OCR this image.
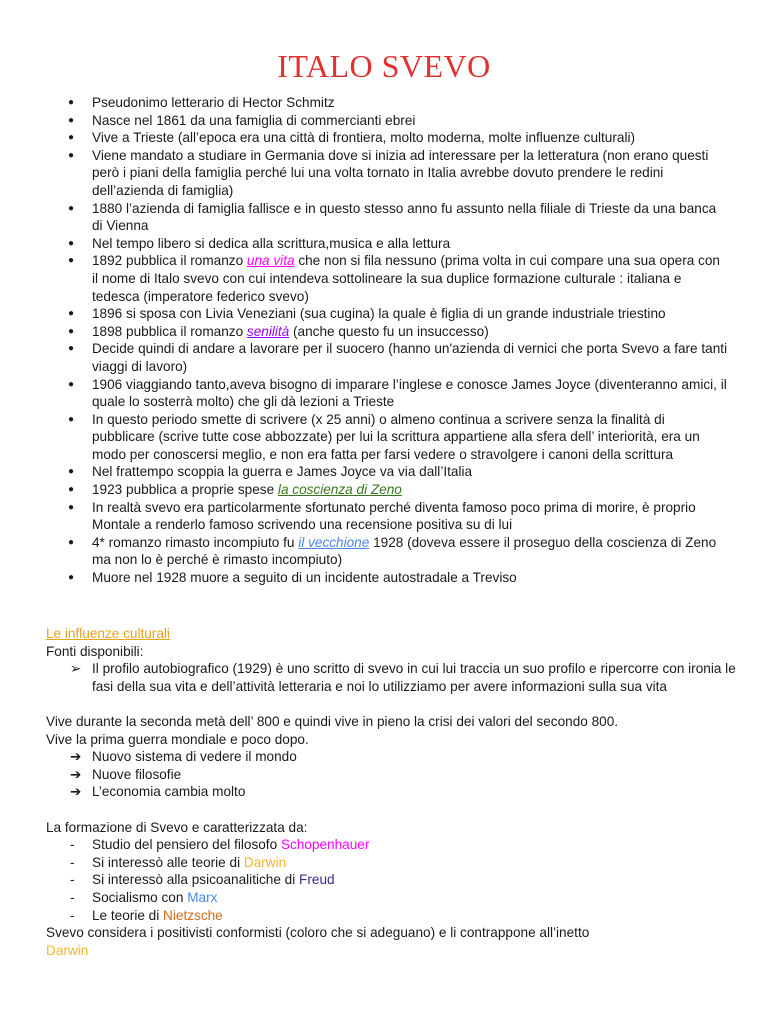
ITALO SVEVO
● Pseudonimo letterario di Hector Schmitz
● Nasce nel 1861 da una famiglia di commercianti ebrei
● Vive a Trieste (all’epoca era una città di frontiera, molto moderna, molte influenze culturali)
● Viene mandato a studiare in Germania dove si inizia ad interessare per la letteratura (non erano questi però i piani della famiglia perché lui una volta tornato in Italia avrebbe dovuto prendere le redini dell’azienda di famiglia)
● 1880 l’azienda di famiglia fallisce e in questo stesso anno fu assunto nella filiale di Trieste da una banca di Vienna
● Nel tempo libero si dedica alla scrittura,musica e alla lettura
● 1892 pubblica il romanzo una vita che non si fila nessuno (prima volta in cui compare una sua opera con il nome di Italo svevo con cui intendeva sottolineare la sua duplice formazione culturale : italiana e tedesca (imperatore federico svevo)
● 1896 si sposa con Livia Veneziani (sua cugina) la quale è figlia di un grande industriale triestino
● 1898 pubblica il romanzo senilità (anche questo fu un insuccesso)
● Decide quindi di andare a lavorare per il suocero (hanno un'azienda di vernici che porta Svevo a fare tanti viaggi di lavoro)
● 1906 viaggiando tanto,aveva bisogno di imparare l’inglese e conosce James Joyce (diventeranno amici, il quale lo sosterrà molto) che gli dà lezioni a Trieste
● In questo periodo smette di scrivere (x 25 anni) o almeno continua a scrivere senza la finalità di pubblicare (scrive tutte cose abbozzate) per lui la scrittura appartiene alla sfera dell’ interiorità, era un modo per conoscersi meglio, e non era fatta per farsi vedere o stravolgere i canoni della scrittura
● Nel frattempo scoppia la guerra e James Joyce va via dall’Italia
● 1923 pubblica a proprie spese la coscienza di Zeno
● In realtà svevo era particolarmente sfortunato perché diventa famoso poco prima di morire, è proprio Montale a renderlo famoso scrivendo una recensione positiva su di lui
● 4* romanzo rimasto incompiuto fu il vecchione 1928 (doveva essere il proseguo della coscienza di Zeno ma non lo è perché è rimasto incompiuto)
● Muore nel 1928 muore a seguito di un incidente autostradale a Treviso

Le influenze culturali

Fonti disponibili:

➢ Il profilo autobiografico (1929) è uno scritto di svevo in cui lui traccia un suo profilo e ripercorre con ironia le fasi della sua vita e dell’attività letteraria e noi lo utilizziamo per avere informazioni sulla sua vita

Vive durante la seconda metà dell’ 800 e quindi vive in pieno la crisi dei valori del secondo 800.

Vive la prima guerra mondiale e poco dopo.

➔ Nuovo sistema di vedere il mondo
➔ Nuove filosofie
➔ L’economia cambia molto

La formazione di Svevo e caratterizzata da:

- Studio del pensiero del filosofo Schopenhauer
- Si interessò alle teorie di Darwin
- Si interessò alla psicoanalitiche di Freud
- Socialismo con Marx
- Le teorie di Nietzsche

Svevo considera i positivisti conformisti (coloro che si adeguano) e li contrappone all’inetto

Darwin
